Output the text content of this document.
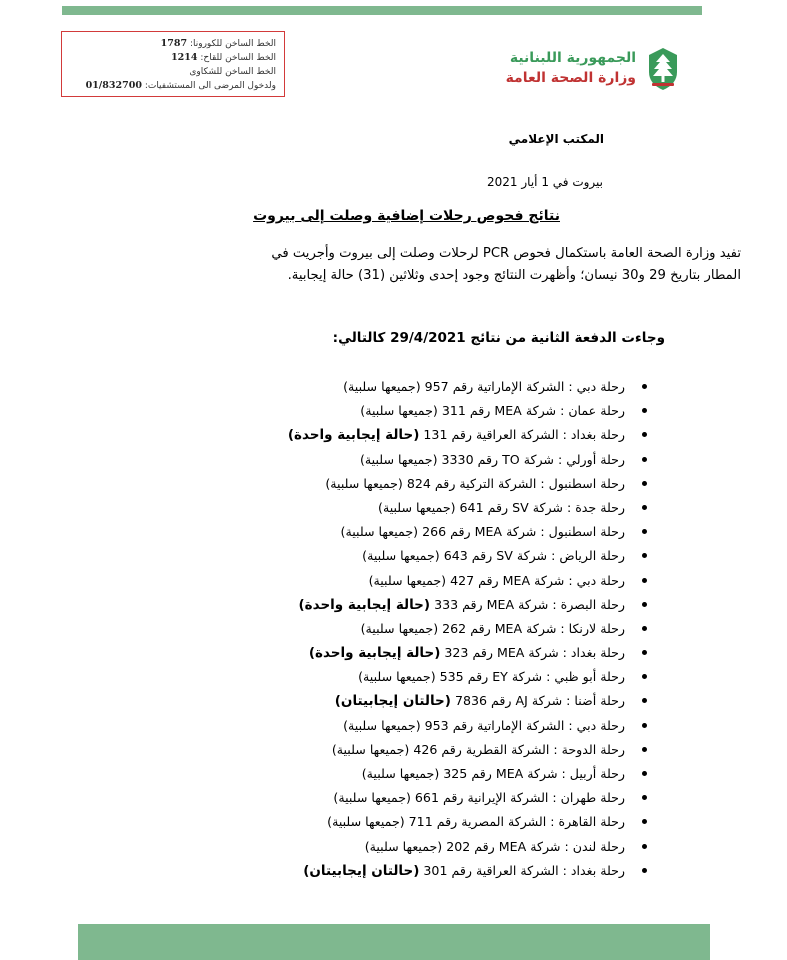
الخط الساخن للكورونا: 1787
الخط الساخن للقاح: 1214
الخط الساخن للشكاوى
ولدخول المرضى الى المستشفيات: 01/832700
الجمهورية اللبنانية
وزارة الصحة العامة
المكتب الإعلامي
بيروت في 1 أيار 2021
نتائج فحوص رحلات إضافية وصلت إلى بيروت

تفيد وزارة الصحة العامة باستكمال فحوص PCR لرحلات وصلت إلى بيروت وأجريت في

المطار بتاريخ 29 و30 نيسان؛ وأظهرت النتائج وجود إحدى وثلاثين (31) حالة إيجابية.

وجاءت الدفعة الثانية من نتائج 29/4/2021 كالتالي:
رحلة دبي : الشركة الإماراتية رقم 957 (جميعها سلبية)
رحلة عمان : شركة MEA رقم 311 (جميعها سلبية)
رحلة بغداد : الشركة العراقية رقم 131 (حالة إيجابية واحدة)
رحلة أورلي : شركة TO رقم 3330 (جميعها سلبية)
رحلة اسطنبول : الشركة التركية رقم 824 (جميعها سلبية)
رحلة جدة : شركة SV رقم 641 (جميعها سلبية)
رحلة اسطنبول : شركة MEA رقم 266 (جميعها سلبية)
رحلة الرياض : شركة SV رقم 643 (جميعها سلبية)
رحلة دبي : شركة MEA رقم 427 (جميعها سلبية)
رحلة البصرة : شركة MEA رقم 333 (حالة إيجابية واحدة)
رحلة لارنكا : شركة MEA رقم 262 (جميعها سلبية)
رحلة بغداد : شركة MEA رقم 323 (حالة إيجابية واحدة)
رحلة أبو ظبي : شركة EY رقم 535 (جميعها سلبية)
رحلة أضنا : شركة AJ رقم 7836 (حالتان إيجابيتان)
رحلة دبي : الشركة الإماراتية رقم 953 (جميعها سلبية)
رحلة الدوحة : الشركة القطرية رقم 426 (جميعها سلبية)
رحلة أربيل : شركة MEA رقم 325 (جميعها سلبية)
رحلة طهران : الشركة الإيرانية رقم 661 (جميعها سلبية)
رحلة القاهرة : الشركة المصرية رقم 711 (جميعها سلبية)
رحلة لندن : شركة MEA رقم 202 (جميعها سلبية)
رحلة بغداد : الشركة العراقية رقم 301 (حالتان إيجابيتان)
